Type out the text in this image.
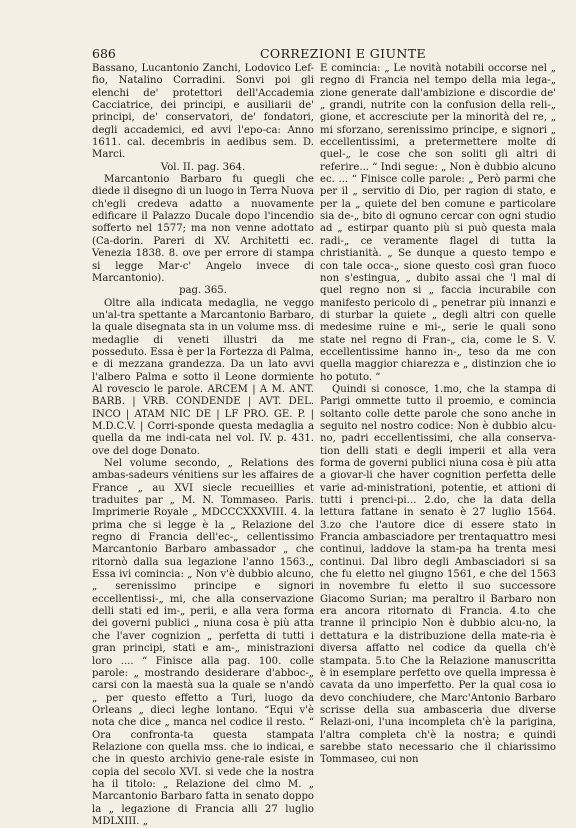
686	CORREZIONI E GIUNTE

Bassano, Lucantonio Zanchi, Lodovico Lef-fio, Natalino Corradini. Sonvi poi gli elenchi de' protettori dell'Accademia Cacciatrice, dei principi, e ausiliarii de' principi, de' conservatori, de' fondatori, degli accademici, ed avvi l'epo-ca: Anno 1611. cal. decembris in aedibus sem. D. Marci.

Vol. II. pag. 364.

Marcantonio Barbaro fu quegli che diede il disegno di un luogo in Terra Nuova ch'egli credeva adatto a nuovamente edificare il Palazzo Ducale dopo l'incendio sofferto nel 1577; ma non venne adottato (Ca-dorin. Pareri di XV. Architetti ec. Venezia 1838. 8. ove per errore di stampa si legge Mar-c' Angelo invece di Marcantonio).

pag. 365.

Oltre alla indicata medaglia, ne veggo un'al-tra spettante a Marcantonio Barbaro, la quale disegnata sta in un volume mss. di medaglie di veneti illustri da me posseduto. Essa è per la Fortezza di Palma, e di mezzana grandezza. Da un lato avvi l'albero Palma e sotto il Leone dormiente Al rovescio le parole. ARCEM | A M. ANT. BARB. | VRB. CONDENDE | AVT. DEL. INCO | ATAM NIC DE | LF PRO. GE. P. | M.D.C.V. | Corri-sponde questa medaglia a quella da me indi-cata nel vol. IV. p. 431. ove del doge Donato.

Nel volume secondo, „ Relations des ambas-sadeurs vénitiens sur les affaires de France „ au XVI siecle recueillies et traduites par „ M. N. Tommaseo. Paris. Imprimerie Royale „ MDCCCXXXVIII. 4. la prima che si legge è la „ Relazione del regno di Francia dell'ec-„ cellentissimo Marcantonio Barbaro ambassador „ che ritornò dalla sua legazione l'anno 1563.„ Essa ivi comincia: „ Non v'è dubbio alcuno, „ serenissimo principe e signori eccellentissi-„ mi, che alla conservazione delli stati ed im-„ perii, e alla vera forma dei governi publici „ niuna cosa è più atta che l'aver cognizion „ perfetta di tutti i gran principi, stati e am-„ ministrazioni loro .... “ Finisce alla pag. 100. colle parole: „ mostrando desiderare d'abboc-„ carsi con la maestà sua la quale se n'andò „ per questo effetto a Turi, luogo da Orleans „ dieci leghe lontano. “Equi v'è nota che dice „ manca nel codice il resto. “ Ora confronta-ta questa stampata Relazione con quella mss. che io indicai, e che in questo archivio gene-rale esiste in copia del secolo XVI. si vede che la nostra ha il titolo: „ Relazione del clmo M. „ Marcantonio Barbaro fatta in senato doppo la „ legazione di Francia alli 27 luglio MDLXIII. „

E comincia: „ Le novità notabili occorse nel „ regno di Francia nel tempo della mia lega-„ zione generate dall'ambizione e discordie de' „ grandi, nutrite con la confusion della reli-„ gione, et accresciute per la minorità del re, „ mi sforzano, serenissimo principe, e signori „ eccellentissimi, a pretermettere molte di quel-„ le cose che son soliti gli altri di referire... “ Indi segue: „ Non è dubbio alcuno ec. ... “ Finisce colle parole: „ Però parmi che per il „ servitio di Dio, per ragion di stato, e per la „ quiete del ben comune e particolare sia de-„ bito di ognuno cercar con ogni studio ad „ estirpar quanto più si può questa mala radi-„ ce veramente flagel di tutta la christianità. „ Se dunque a questo tempo e con tale occa-„ sione questo così gran fuoco non s'estingua, „ dubito assai che 'l mal di quel regno non si „ faccia incurabile con manifesto pericolo di „ penetrar più innanzi e di sturbar la quiete „ degli altri con quelle medesime ruine e mi-„ serie le quali sono state nel regno di Fran-„ cia, come le S. V. eccellentissime hanno in-„ teso da me con quella maggior chiarezza e „ distinzion che io ho potuto. “

Quindi si conosce, 1.mo, che la stampa di Parigi ommette tutto il proemio, e comincia soltanto colle dette parole che sono anche in seguito nel nostro codice: Non è dubbio alcu-no, padri eccellentissimi, che alla conserva-tion delli stati e degli imperii et alla vera forma de governi publici niuna cosa è più atta a giovar-li che haver cognition perfetta delle varie ad-ministrationi, potentie, et attioni di tutti i prenci-pi... 2.do, che la data della lettura fattane in senato è 27 luglio 1564. 3.zo che l'autore dice di essere stato in Francia ambasciadore per trentaquattro mesi continui, laddove la stam-pa ha trenta mesi continui. Dal libro degli Ambasciadori si sa che fu eletto nel giugno 1561, e che del 1563 in novembre fu eletto il suo successore Giacomo Surian; ma peraltro il Barbaro non era ancora ritornato di Francia. 4.to che tranne il principio Non è dubbio alcu-no, la dettatura e la distribuzione della mate-ria è diversa affatto nel codice da quella ch'è stampata. 5.to Che la Relazione manuscritta è in esemplare perfetto ove quella impressa è cavata da uno imperfetto. Per la qual cosa io devo conchiudere, che Marc'Antonio Barbaro scrisse della sua ambasceria due diverse Relazi-oni, l'una incompleta ch'è la parigina, l'altra completa ch'è la nostra; e quindi sarebbe stato necessario che il chiarissimo Tommaseo, cui non
